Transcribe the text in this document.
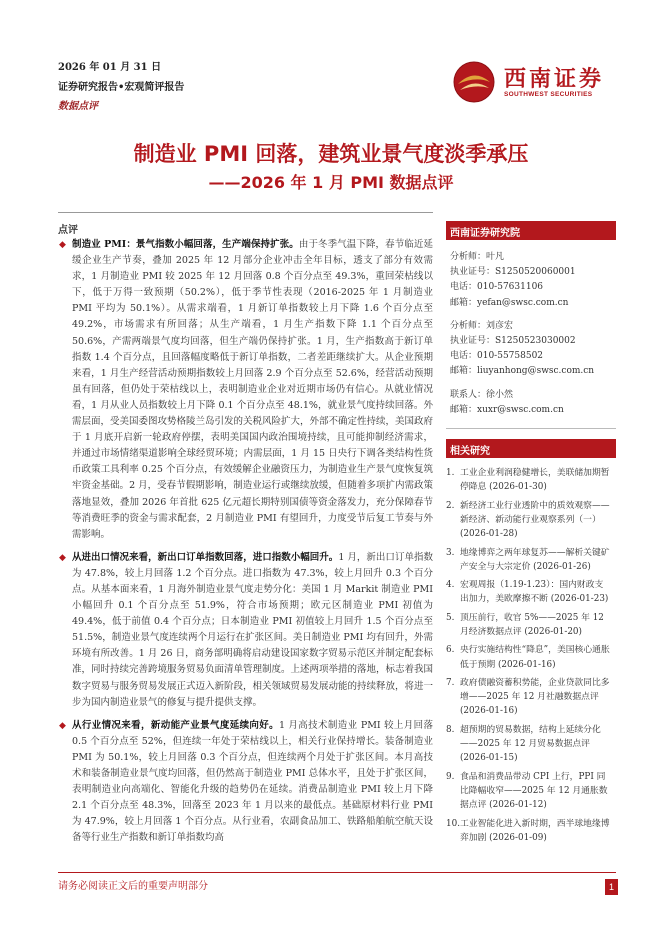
2026 年 01 月 31 日
证券研究报告•宏观简评报告
数据点评
西南证券
SOUTHWEST SECURITIES
制造业 PMI 回落，建筑业景气度淡季承压
——2026 年 1 月 PMI 数据点评
点评
◆ 制造业 PMI：景气指数小幅回落，生产端保持扩张。由于冬季气温下降，春节临近延缓企业生产节奏，叠加 2025 年 12 月部分企业冲击全年目标，透支了部分有效需求，1 月制造业 PMI 较 2025 年 12 月回落 0.8 个百分点至 49.3%，重回荣枯线以下，低于万得一致预期（50.2%），低于季节性表现（2016-2025 年 1 月制造业 PMI 平均为 50.1%）。从需求端看，1 月新订单指数较上月下降 1.6 个百分点至 49.2%，市场需求有所回落；从生产端看，1 月生产指数下降 1.1 个百分点至 50.6%，产需两端景气度均回落，但生产端仍保持扩张。1 月，生产指数高于新订单指数 1.4 个百分点，且回落幅度略低于新订单指数，二者差距继续扩大。从企业预期来看，1 月生产经营活动预期指数较上月回落 2.9 个百分点至 52.6%，经营活动预期虽有回落，但仍处于荣枯线以上，表明制造业企业对近期市场仍有信心。从就业情况看，1 月从业人员指数较上月下降 0.1 个百分点至 48.1%，就业景气度持续回落。外需层面，受美国委图攻势格陵兰岛引发的关税风险扩大，外部不确定性持续，美国政府于 1 月底开启新一轮政府停摆，表明美国国内政治围境持续，且可能抑制经济需求，并通过市场情绪渠道影响全球经贸环境；内需层面，1 月 15 日央行下调各类结构性货币政策工具利率 0.25 个百分点，有效缓解企业融资压力，为制造业生产景气度恢复筑牢资金基础。2 月，受春节假期影响，制造业运行或继续放缓，但随着多项扩内需政策落地显效，叠加 2026 年首批 625 亿元超长期特别国债等资金落发力，充分保障春节等消费旺季的资金与需求配套，2 月制造业 PMI 有望回升，力度受节后复工节奏与外需影响。
◆ 从进出口情况来看，新出口订单指数回落，进口指数小幅回升。1 月，新出口订单指数为 47.8%，较上月回落 1.2 个百分点。进口指数为 47.3%，较上月回升 0.3 个百分点。从基本面来看，1 月海外制造业景气度走势分化：美国 1 月 Markit 制造业 PMI 小幅回升 0.1 个百分点至 51.9%，符合市场预期；欧元区制造业 PMI 初值为 49.4%，低于前值 0.4 个百分点；日本制造业 PMI 初值较上月回升 1.5 个百分点至 51.5%，制造业景气度连续两个月运行在扩张区间。美日制造业 PMI 均有回升，外需环境有所改善。1 月 26 日，商务部明确将启动建设国家数字贸易示范区并制定配套标准，同时持续完善跨境服务贸易负面清单管理制度。上述两项举措的落地，标志着我国数字贸易与服务贸易发展正式迈入新阶段，相关领域贸易发展动能的持续释放，将进一步为国内制造业景气的修复与提升提供支撑。
◆ 从行业情况来看，新动能产业景气度延续向好。1 月高技术制造业 PMI 较上月回落 0.5 个百分点至 52%，但连续一年处于荣枯线以上，相关行业保持增长。装备制造业 PMI 为 50.1%，较上月回落 0.3 个百分点，但连续两个月处于扩张区间。本月高技术和装备制造业景气度均回落，但仍然高于制造业 PMI 总体水平，且处于扩张区间，表明制造业向高端化、智能化升级的趋势仍在延续。消费品制造业 PMI 较上月下降 2.1 个百分点至 48.3%，回落至 2023 年 1 月以来的最低点。基础原材料行业 PMI 为 47.9%，较上月回落 1 个百分点。从行业看，农副食品加工、铁路船舶航空航天设备等行业生产指数和新订单指数均高
西南证券研究院
分析师：叶凡
执业证号：S1250520060001
电话：010-57631106
邮箱：yefan@swsc.com.cn
分析师：刘彦宏
执业证号：S1250523030002
电话：010-55758502
邮箱：liuyanhong@swsc.com.cn
联系人：徐小然
邮箱：xuxr@swsc.com.cn
相关研究
1. 工业企业利润稳健增长，美联储加期暂停降息 (2026-01-30)
2. 新经济工业行业透阶中的质效观察——新经济、新动能行业观察系列（一） (2026-01-28)
3. 地缘博弈之两年球复苏——解析关键矿产安全与大宗定价 (2026-01-26)
4. 宏观周报（1.19-1.23）：国内财政支出加力，美欧摩擦不断 (2026-01-23)
5. 顶压前行，收官 5%——2025 年 12 月经济数据点评 (2026-01-20)
6. 央行实施结构性“降息”，美国核心通胀低于预期 (2026-01-16)
7. 政府债融资蓄积势能，企业贷款同比多增——2025 年 12 月社融数据点评 (2026-01-16)
8. 超预期的贸易数据，结构上延续分化——2025 年 12 月贸易数据点评 (2026-01-15)
9. 食品和消费品带动 CPI 上行，PPI 同比降幅收窄——2025 年 12 月通胀数据点评 (2026-01-12)
10. 工业智能化进入新时期，西半球地缘博弈加剧 (2026-01-09)
请务必阅读正文后的重要声明部分	1
